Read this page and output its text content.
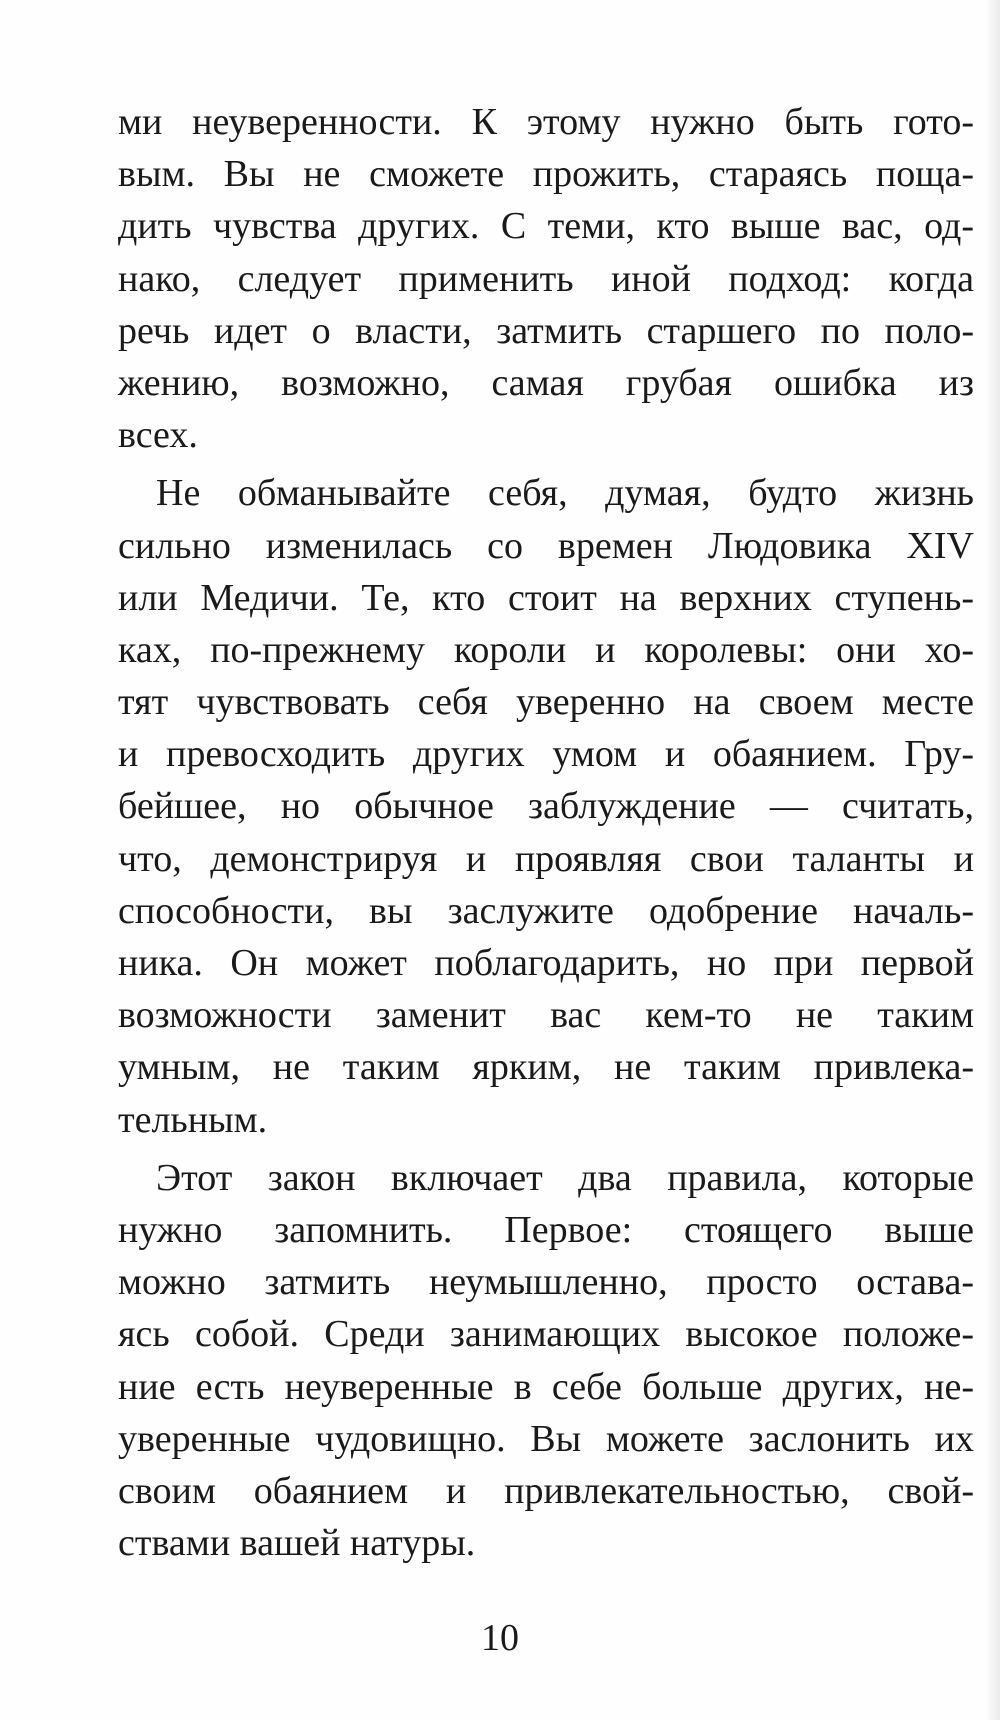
ми неуверенности. К этому нужно быть гото-
вым. Вы не сможете прожить, стараясь поща-
дить чувства других. С теми, кто выше вас, од-
нако, следует применить иной подход: когда
речь идет о власти, затмить старшего по поло-
жению, возможно, самая грубая ошибка из
всех.
Не обманывайте себя, думая, будто жизнь
сильно изменилась со времен Людовика XIV
или Медичи. Те, кто стоит на верхних ступень-
ках, по-прежнему короли и королевы: они хо-
тят чувствовать себя уверенно на своем месте
и превосходить других умом и обаянием. Гру-
бейшее, но обычное заблуждение — считать,
что, демонстрируя и проявляя свои таланты и
способности, вы заслужите одобрение началь-
ника. Он может поблагодарить, но при первой
возможности заменит вас кем-то не таким
умным, не таким ярким, не таким привлека-
тельным.
Этот закон включает два правила, которые
нужно запомнить. Первое: стоящего выше
можно затмить неумышленно, просто остава-
ясь собой. Среди занимающих высокое положе-
ние есть неуверенные в себе больше других, не-
уверенные чудовищно. Вы можете заслонить их
своим обаянием и привлекательностью, свой-
ствами вашей натуры.
10
